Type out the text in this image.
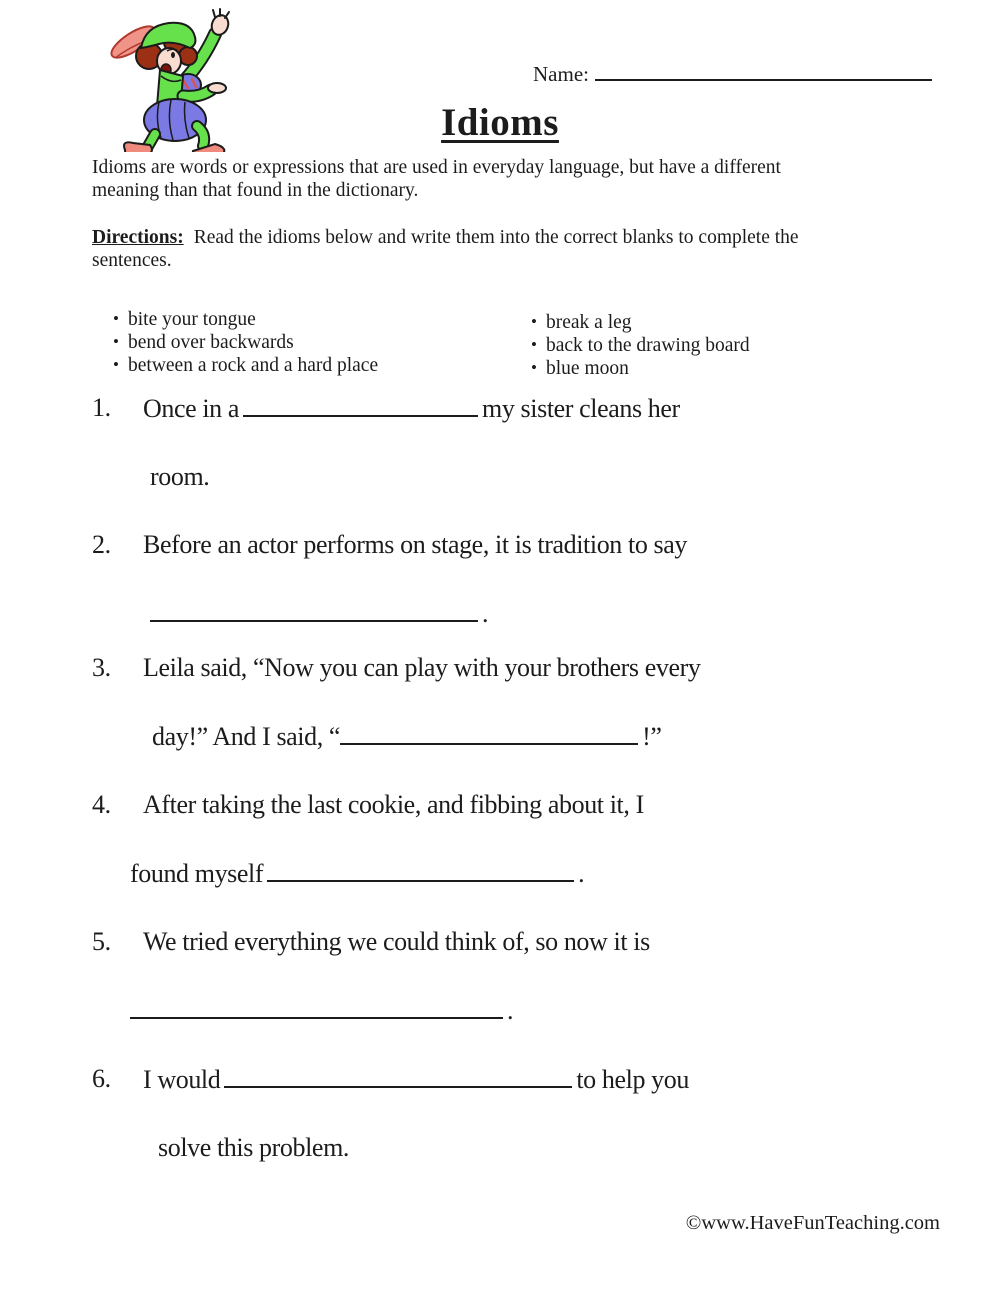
Name:
Idioms
Idioms are words or expressions that are used in everyday language, but have a different meaning than that found in the dictionary.
Directions: Read the idioms below and write them into the correct blanks to complete the sentences.
• bite your tongue
• bend over backwards
• between a rock and a hard place
• break a leg
• back to the drawing board
• blue moon
1. Once in a	my sister cleans her
room.
2. Before an actor performs on stage, it is tradition to say
.
3. Leila said, “Now you can play with your brothers every
day!” And I said, “	!”
4. After taking the last cookie, and fibbing about it, I
found myself	.
5. We tried everything we could think of, so now it is
.
6. I would	to help you
solve this problem.
©www.HaveFunTeaching.com
